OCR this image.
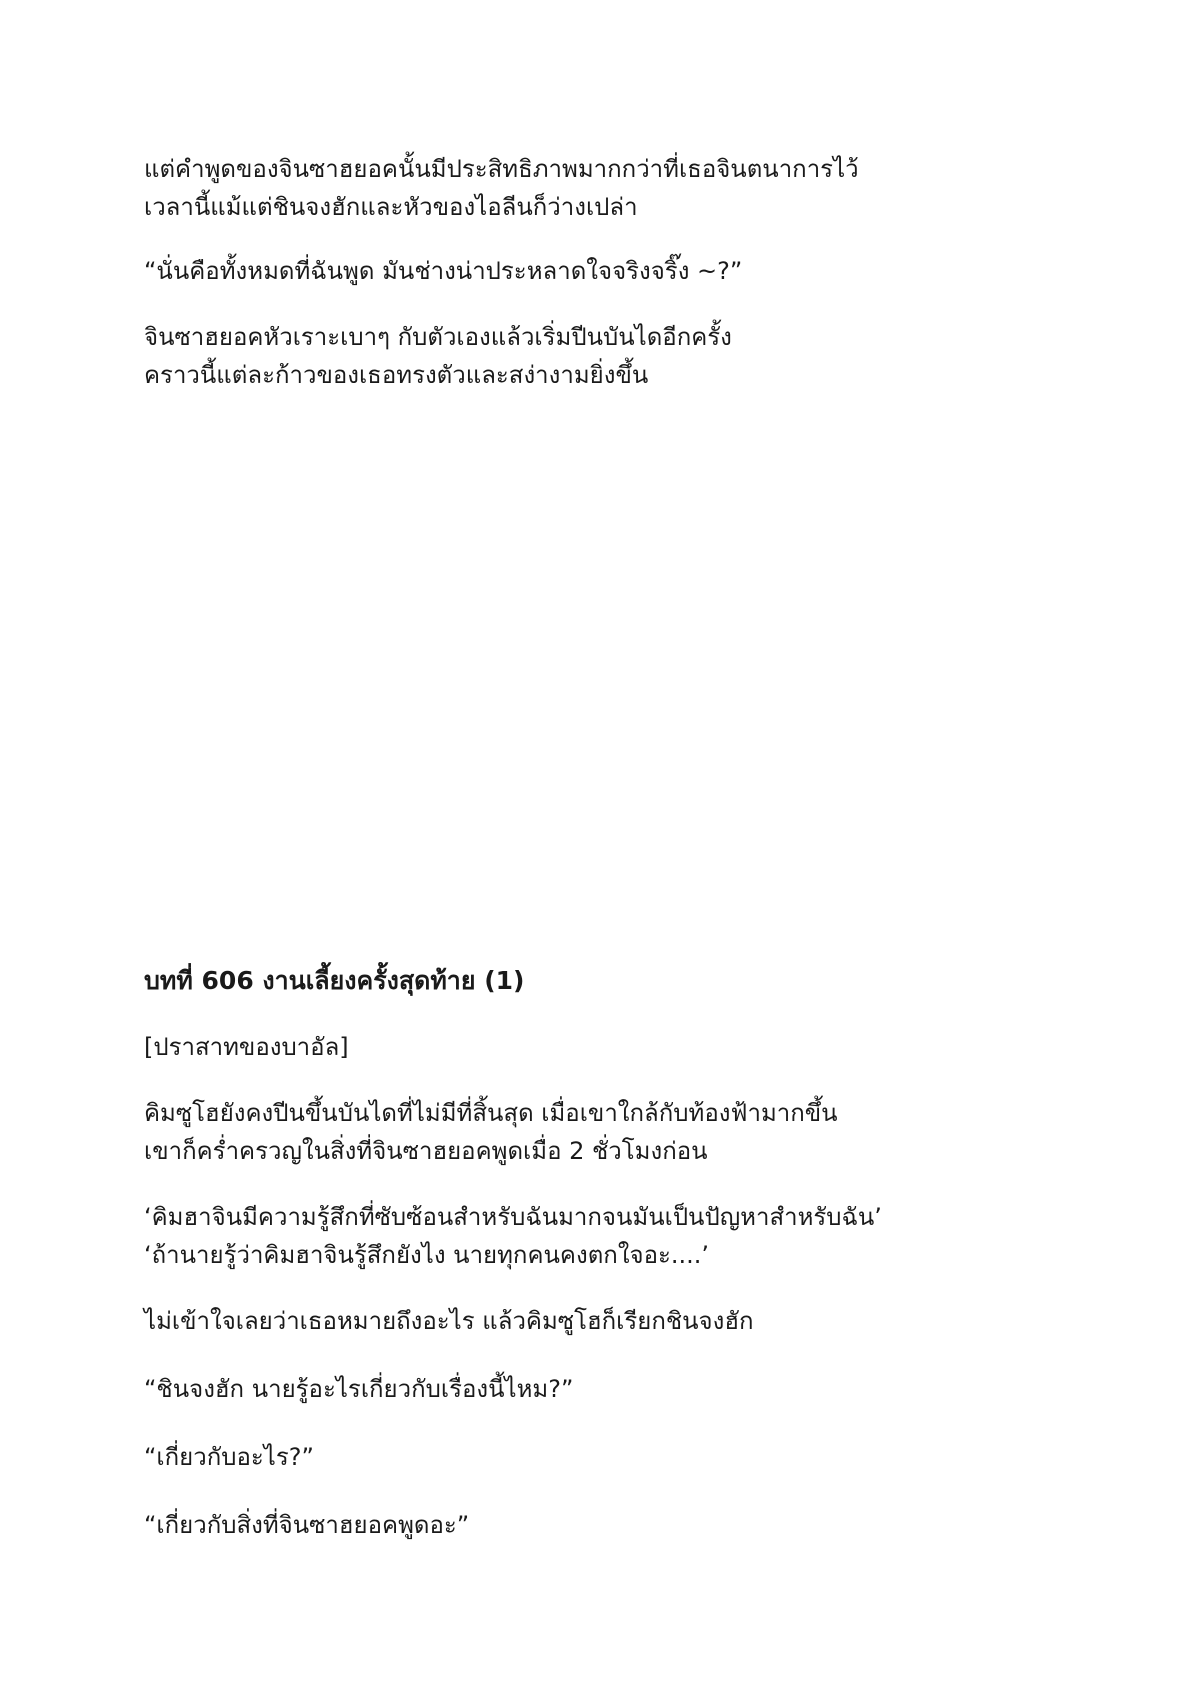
แต่คำพูดของจินซาฮยอคนั้นมีประสิทธิภาพมากกว่าที่เธอจินตนาการไว้
เวลานี้แม้แต่ชินจงฮักและหัวของไอลีนก็ว่างเปล่า
“นั่นคือทั้งหมดที่ฉันพูด มันช่างน่าประหลาดใจจริงจริ๊ง ~?”
จินซาฮยอคหัวเราะเบาๆ กับตัวเองแล้วเริ่มปีนบันไดอีกครั้ง
คราวนี้แต่ละก้าวของเธอทรงตัวและสง่างามยิ่งขึ้น
บทที่ 606 งานเลี้ยงครั้งสุดท้าย (1)
[ปราสาทของบาอัล]
คิมซูโฮยังคงปีนขึ้นบันไดที่ไม่มีที่สิ้นสุด เมื่อเขาใกล้กับท้องฟ้ามากขึ้น
เขาก็คร่ำครวญในสิ่งที่จินซาฮยอคพูดเมื่อ 2 ชั่วโมงก่อน
‘คิมฮาจินมีความรู้สึกที่ซับซ้อนสำหรับฉันมากจนมันเป็นปัญหาสำหรับฉัน’
‘ถ้านายรู้ว่าคิมฮาจินรู้สึกยังไง นายทุกคนคงตกใจอะ....’
ไม่เข้าใจเลยว่าเธอหมายถึงอะไร แล้วคิมซูโฮก็เรียกชินจงฮัก
“ชินจงฮัก นายรู้อะไรเกี่ยวกับเรื่องนี้ไหม?”
“เกี่ยวกับอะไร?”
“เกี่ยวกับสิ่งที่จินซาฮยอคพูดอะ”
